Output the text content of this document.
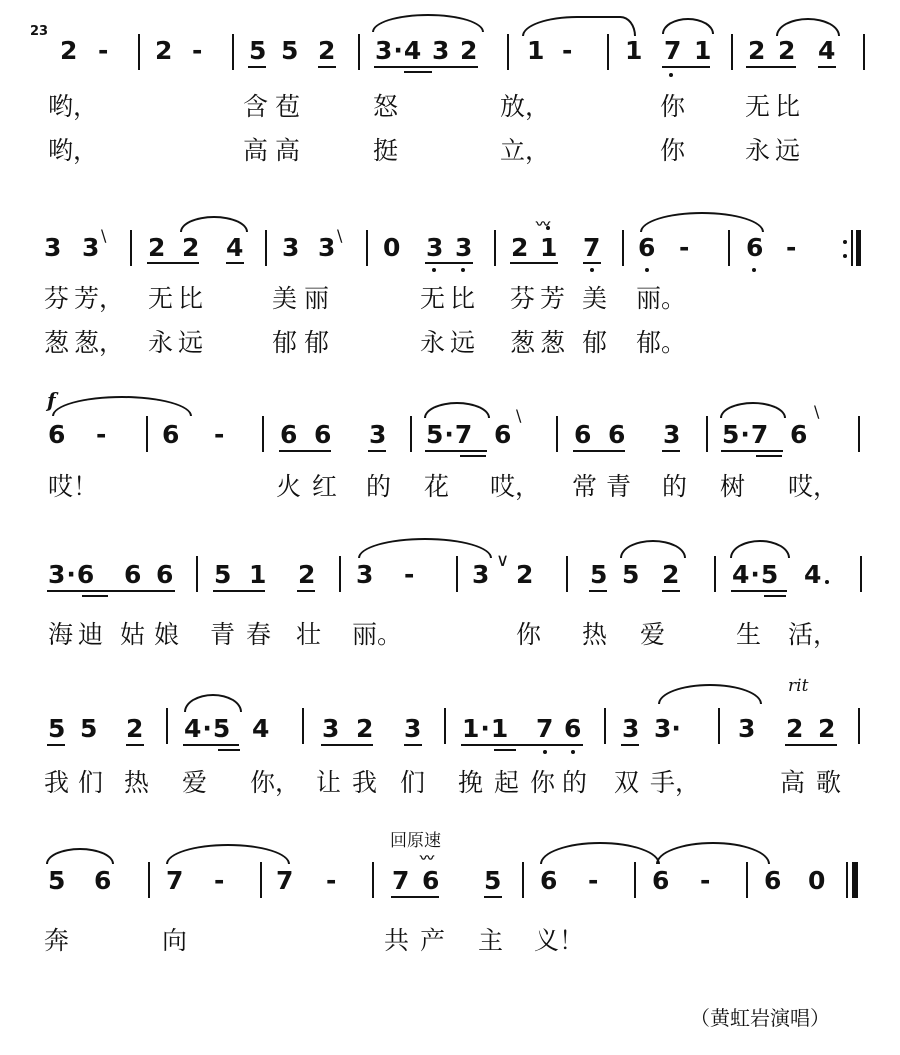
23
2 - 2 - 5 5 2 3·4 3 2 1 - 1 7 1 2 2 4
哟，	含 苞	怒	放，	你 无 比
哟，	高 高	挺	立，	你 永 远
3 3 \ 2 2 4 3 3 \ 0 3 3 2 1
〰
7 6 - 6 -
芬 芳， 无 比	美 丽	无 比 芬 芳 美 丽。
葱 葱， 永 远	郁 郁	永 远 葱 葱 郁 郁。
f
6 - 6 - 6 6 3 5·7 6
\
6 6 3 5·7 6
\
哎！	火 红 的 花 哎， 常 青 的 树 哎，
3·6 6 6 5 1 2 3 - 3 ∨ 2 5 5 2 4·5 4
海 迪 姑 娘 青 春 壮 丽。	你 热 爱	生 活，
5 5 2 4·5 4 3 2 3 1·1 7 6 3 3· 3
rit
2 2
我 们 热 爱 你， 让 我 们 挽 起 你 的 双 手，	高 歌
回原速
5 6 7 - 7 - 7 6
〰
5 6 - 6 - 6 0
奔	向	共 产 主 义！
（黄虹岩演唱）
